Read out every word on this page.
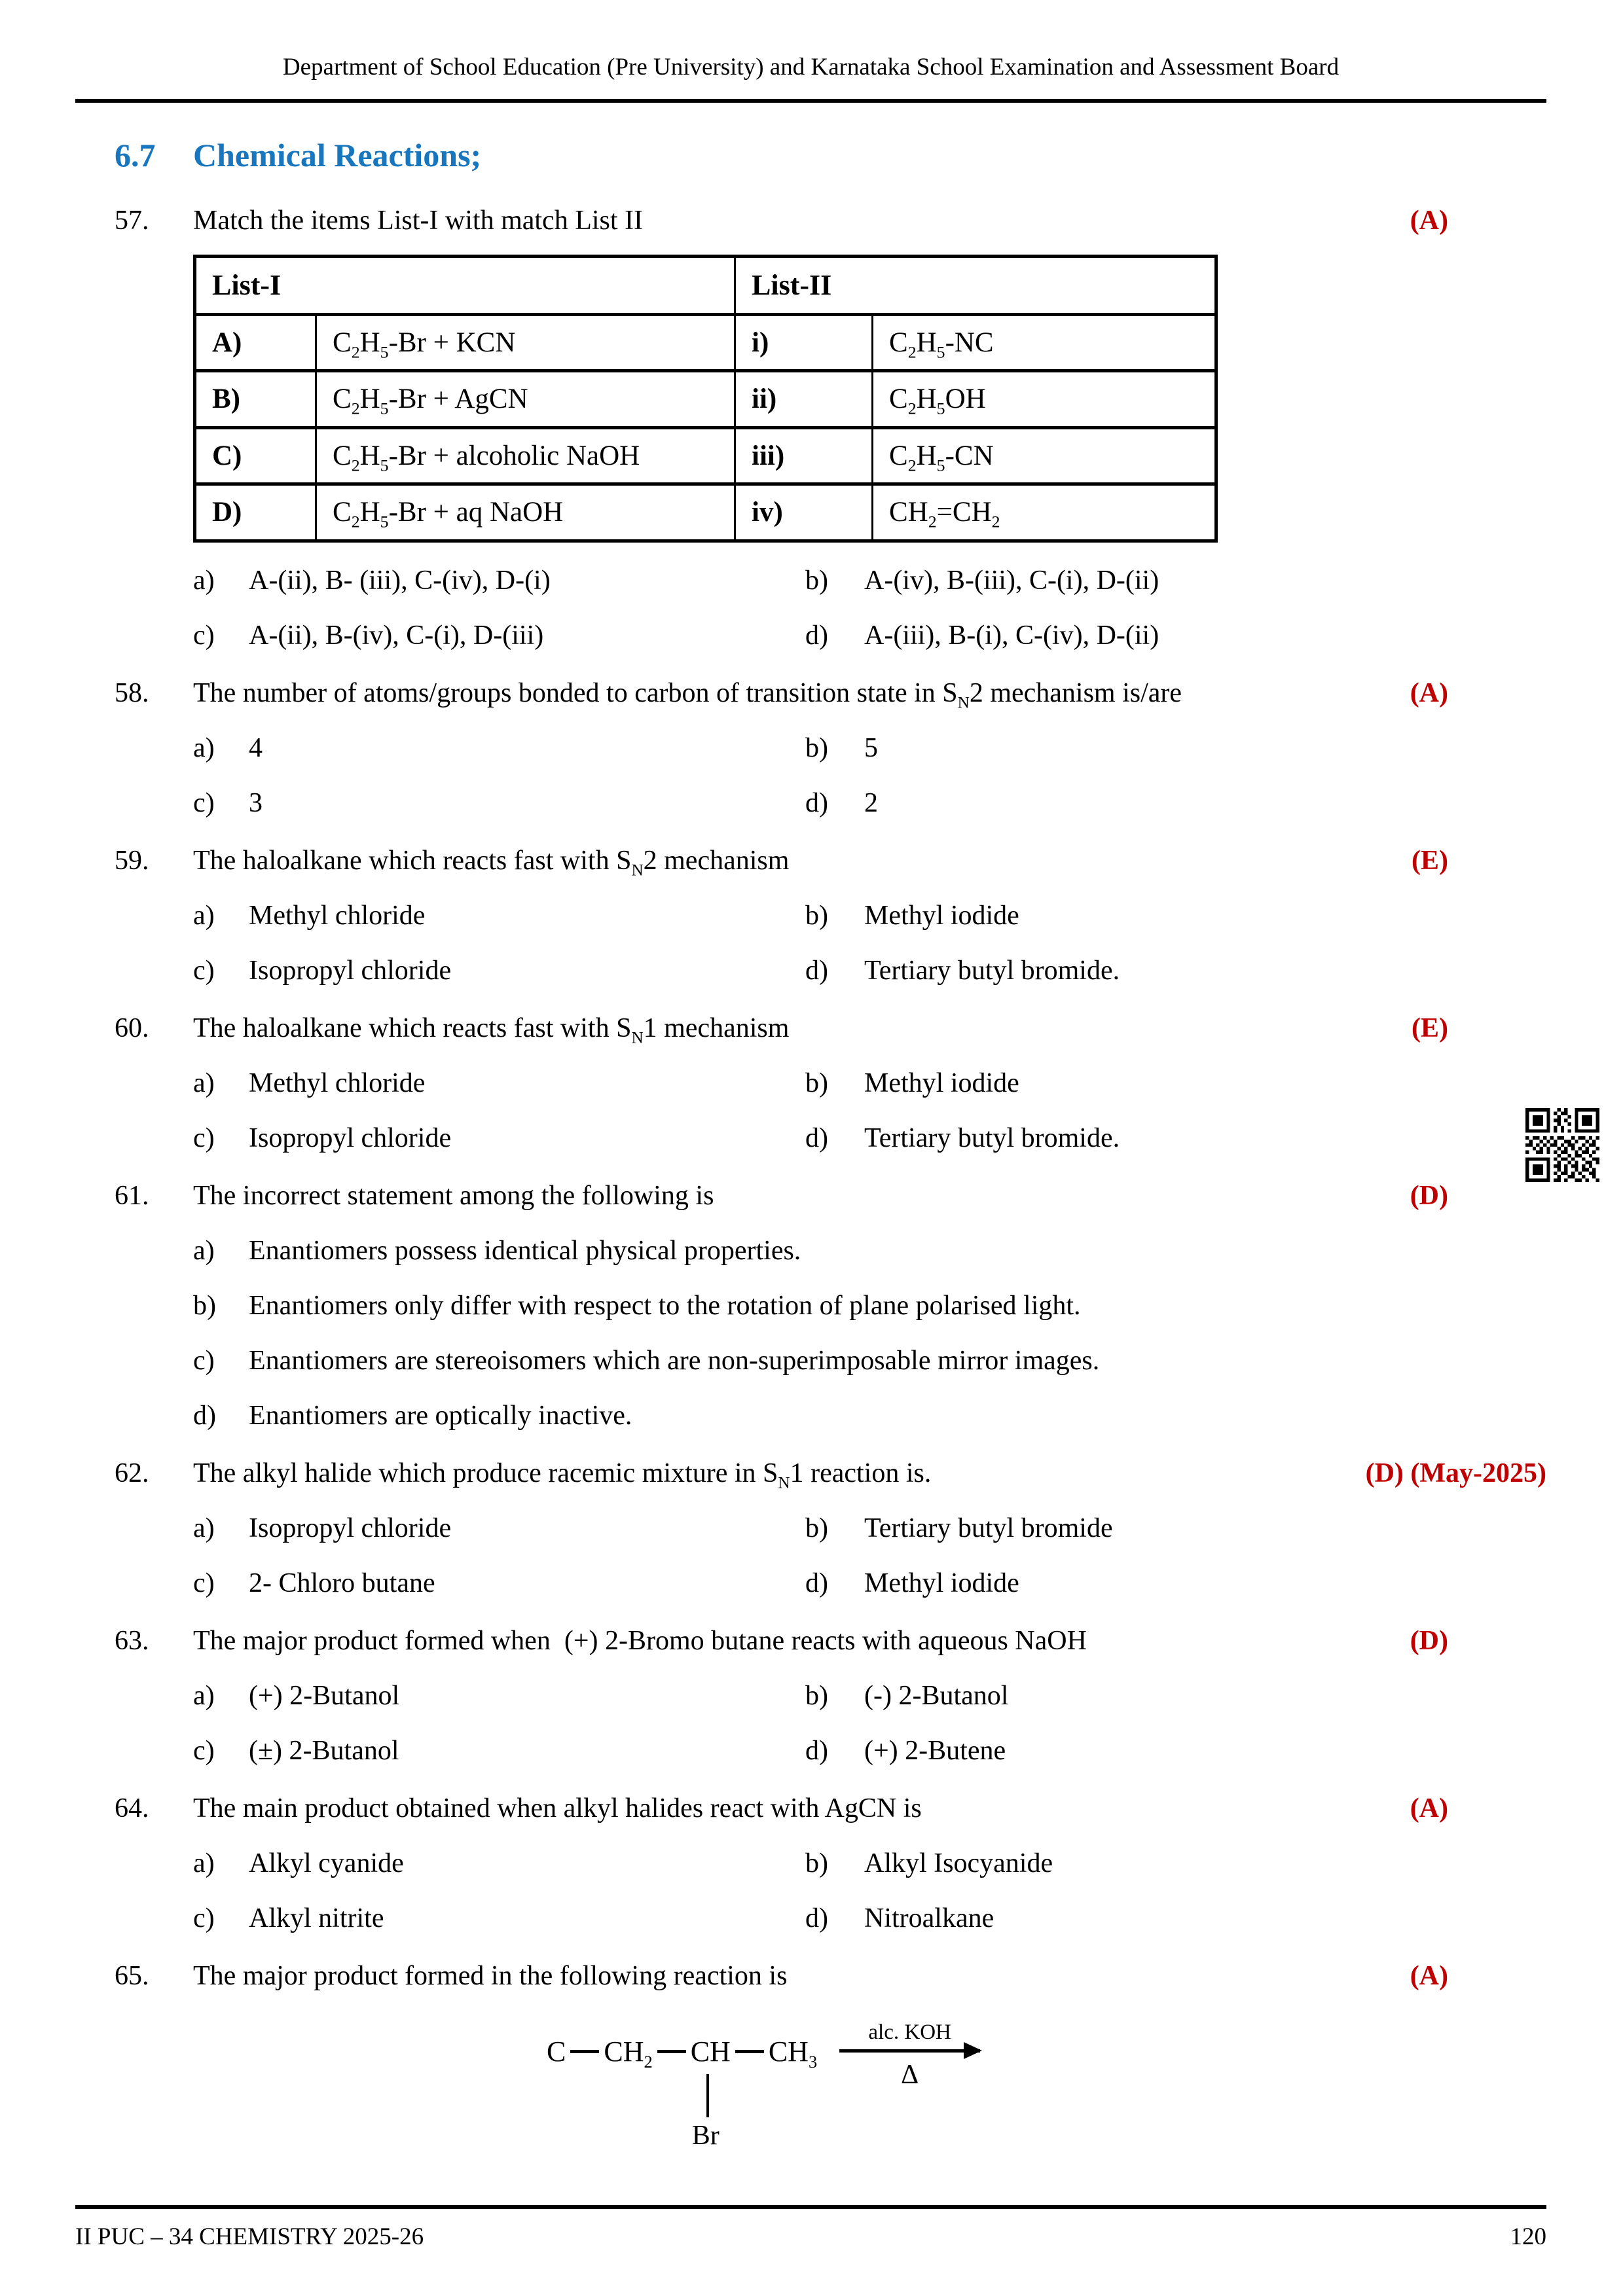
Department of School Education (Pre University) and Karnataka School Examination and Assessment Board
6.7	Chemical Reactions;
57.	Match the items List-I with match List II	(A)
List-I		List-II	
A)	$C_2H_5-Br$ + KCN	i)	$C_2H_5-NC$
B)	$C_2H_5-Br$ + AgCN	ii)	$C_2H_5OH$
C)	$C_2H_5-Br$ + alcoholic NaOH	iii)	$C_2H_5-CN$
D)	$C_2H_5-Br$ + aq NaOH	iv)	$CH_2=CH_2$
a)	A-(ii), B- (iii), C-(iv), D-(i)	b)	A-(iv), B-(iii), C-(i), D-(ii)
c)	A-(ii), B-(iv), C-(i), D-(iii)	d)	A-(iii), B-(i), C-(iv), D-(ii)
58.	The number of atoms/groups bonded to carbon of transition state in $S_N2$ mechanism is/are	(A)
a)	4	b)	5
c)	3	d)	2
59.	The haloalkane which reacts fast with $S_N2$ mechanism	(E)
a)	Methyl chloride	b)	Methyl iodide
c)	Isopropyl chloride	d)	Tertiary butyl bromide.
60.	The haloalkane which reacts fast with $S_N1$ mechanism	(E)
a)	Methyl chloride	b)	Methyl iodide
c)	Isopropyl chloride	d)	Tertiary butyl bromide.
61.	The incorrect statement among the following is	(D)
a)	Enantiomers possess identical physical properties.
b)	Enantiomers only differ with respect to the rotation of plane polarised light.
c)	Enantiomers are stereoisomers which are non-superimposable mirror images.
d)	Enantiomers are optically inactive.
62.	The alkyl halide which produce racemic mixture in $S_N1$ reaction is.	(D) (May-2025)
a)	Isopropyl chloride	b)	Tertiary butyl bromide
c)	2- Chloro butane	d)	Methyl iodide
63.	The major product formed when  (+) 2-Bromo butane reacts with aqueous NaOH	(D)
a)	(+) 2-Butanol	b)	(-) 2-Butanol
c)	(±) 2-Butanol	d)	(+) 2-Butene
64.	The main product obtained when alkyl halides react with AgCN is	(A)
a)	Alkyl cyanide	b)	Alkyl Isocyanide
c)	Alkyl nitrite	d)	Nitroalkane
65.	The major product formed in the following reaction is	(A)
C $CH_2$ CH
Br
$CH_3$
alc. KOH
Δ
II PUC – 34 CHEMISTRY 2025-26	120
